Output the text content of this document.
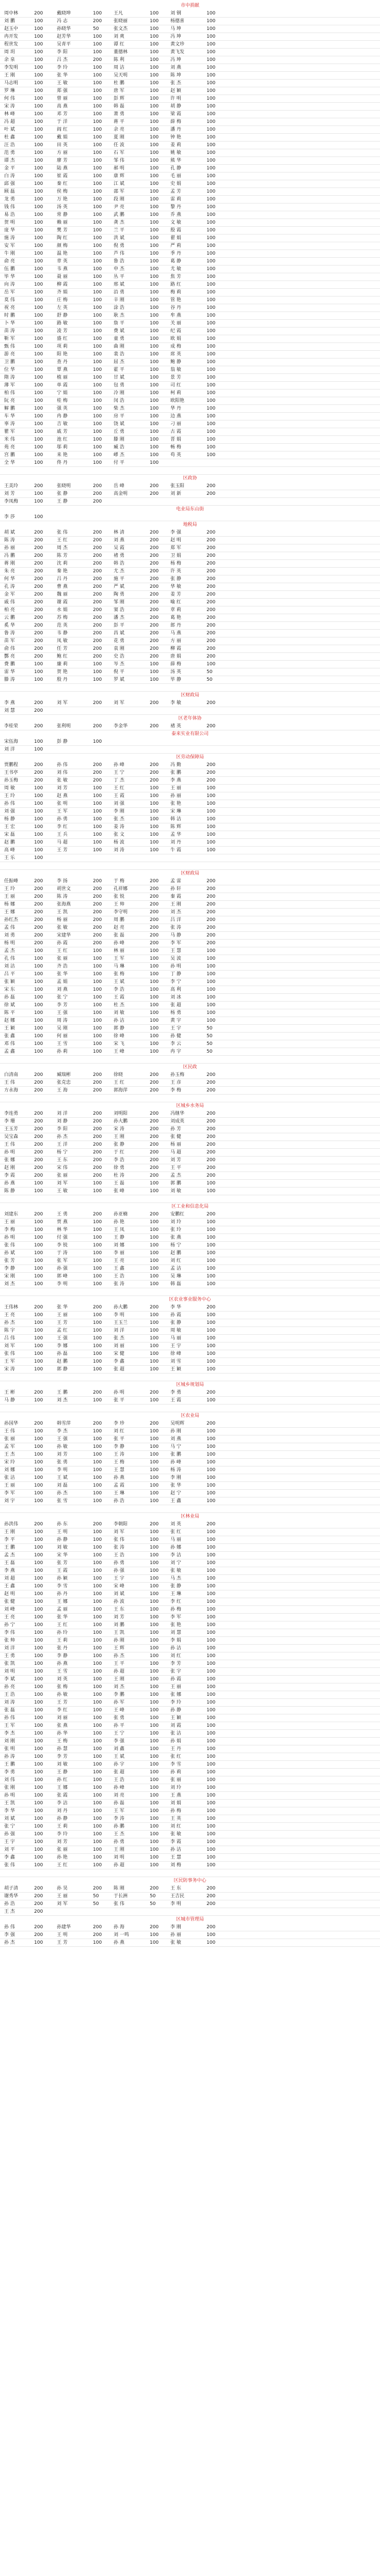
市中捐献
周中林	200	戴晓坤	100	王凡	100	刘 钢	100
刘 鹏	100	冯 志	200	张晓丽	100	杨德喜	100
赵玉中	100	孙晓华	50	张文杰	100	马 坤	100
冉开发	100	赵芳华	100	刘 爽	100	冯 坤	100
程世发	100	吴青平	100	谭 红	100	黄文珍	100
周 玥	100	李 阳	100	董德林	100	黄飞发	100
余 泉	100	吕 杰	200	陈 利	100	冯 坤	100
李发明	100	李 玲	100	周 洁	100	刘 燕	100
王 刚	100	张 华	100	吴天明	100	陈 坤	100
马志明	100	王 敏	100	杜 鹏	100	张 杰	100
罗 琳	100	郑 强	100	唐 军	100	赵 颖	100
何 伟	100	曾 丽	100	彭 辉	100	许 明	100
宋 涛	100	高 燕	100	韩 磊	100	胡 静	100
林 峰	100	邓 芳	100	萧 勇	100	梁 霞	100
冯 超	100	于 洋	100	蒋 平	100	薛 梅	100
叶 斌	100	阎 红	100	余 亮	100	潘 丹	100
杜 鑫	100	戴 娟	100	夏 刚	100	钟 艳	100
汪 浩	100	田 英	100	任 波	100	姜 莉	100
范 勇	100	方 丽	100	石 军	100	姚 敏	100
谭 杰	100	廖 芳	100	邹 伟	100	熊 华	100
金 平	100	陆 燕	100	郝 明	100	孔 静	100
白 涛	100	崔 霞	100	康 辉	100	毛 丽	100
邱 强	100	秦 红	100	江 斌	100	史 娟	100
顾 磊	100	侯 梅	100	邵 军	100	孟 芳	100
龙 勇	100	万 艳	100	段 刚	100	雷 莉	100
钱 伟	100	汤 英	100	尹 亮	100	黎 丹	100
易 浩	100	常 静	100	武 鹏	100	乔 燕	100
贺 明	100	赖 丽	100	龚 杰	100	文 敏	100
庞 华	100	樊 芳	100	兰 平	100	殷 霞	100
施 涛	100	陶 红	100	洪 斌	100	翟 娟	100
安 军	100	颜 梅	100	倪 勇	100	严 莉	100
牛 刚	100	温 艳	100	芦 伟	100	季 丹	100
俞 亮	100	章 英	100	鲁 浩	100	葛 静	100
伍 鹏	100	韦 燕	100	申 杰	100	尤 敏	100
毕 华	100	聂 丽	100	丛 平	100	焦 芳	100
向 涛	100	柳 霞	100	邢 斌	100	路 红	100
岳 军	100	齐 娟	100	沿 勇	100	梅 莉	100
莫 伟	100	庄 梅	100	辛 刚	100	管 艳	100
祝 亮	100	左 英	100	涂 浩	100	谷 丹	100
时 鹏	100	舒 静	100	耿 杰	100	牟 燕	100
卜 华	100	路 敏	100	詹 平	100	关 丽	100
苗 涛	100	凌 芳	100	费 斌	100	纪 霞	100
靳 军	100	盛 红	100	童 勇	100	欧 娟	100
甄 伟	100	项 莉	100	曲 刚	100	成 梅	100
游 亮	100	阳 艳	100	裴 浩	100	席 英	100
卫 鹏	100	查 丹	100	屈 杰	100	鲍 静	100
位 华	100	覃 燕	100	霍 平	100	翁 敏	100
隋 涛	100	植 丽	100	甘 斌	100	景 芳	100
薄 军	100	单 霞	100	包 勇	100	司 红	100
柏 伟	100	宁 娟	100	冷 刚	100	柯 莉	100
阮 亮	100	桂 梅	100	闵 浩	100	欧阳艳	100
解 鹏	100	强 英	100	柴 杰	100	华 丹	100
车 华	100	冉 静	100	房 平	100	边 燕	100
辜 涛	100	吉 敏	100	饶 斌	100	刁 丽	100
瞿 军	100	戚 芳	100	丘 勇	100	古 霞	100
米 伟	100	池 红	100	滕 刚	100	晋 娟	100
苑 亮	100	邬 莉	100	臧 浩	100	畅 梅	100
宫 鹏	100	来 艳	100	嵺 杰	100	苟 英	100
全 华	100	佟 丹	100	付 平	100
区政协
王美玲	200	张晓明	200	岳 峰	200	张玉阳	200
刘 芳	100	张 静	200	高金明	200	刘 新	200
李凤梅	100	王 静	200
电业局东山街
李 莎	100
地税局
胡 斌	200	张 伟	200	林 清	200	李 强	200
陈 涛	200	王 红	200	刘 燕	200	赵 明	200
孙 丽	200	周 杰	200	吴 霞	200	郑 军	200
冯 鹏	200	陈 芳	200	褚 勇	200	卫 娟	200
蒋 刚	200	沈 莉	200	韩 浩	200	杨 梅	200
朱 亮	200	秦 艳	200	尤 杰	200	许 英	200
何 华	200	吕 丹	200	施 平	200	张 静	200
孔 涛	200	曹 燕	200	严 斌	200	华 敏	200
金 军	200	魏 丽	200	陶 勇	200	姜 芳	200
戚 伟	200	谢 霞	200	邹 刚	200	喻 红	200
柏 亮	200	水 娟	200	窦 浩	200	章 莉	200
云 鹏	200	苏 梅	200	潘 杰	200	葛 艳	200
奚 华	200	范 英	200	彭 平	200	郎 丹	200
鲁 涛	200	韦 静	200	昌 斌	200	马 燕	200
苗 军	200	凤 敏	200	花 勇	200	方 丽	200
俞 伟	200	任 芳	200	袁 刚	200	柳 霞	200
酆 亮	200	鲍 红	200	史 浩	200	唐 娟	200
费 鹏	100	廉 莉	100	岑 杰	100	薛 梅	100
雷 华	100	贺 艳	100	倪 平	100	汤 英	50
滕 涛	100	殷 丹	100	罗 斌	100	毕 静	50
区财政局
李 燕	200	刘 军	200	刘 军	200	李 敏	200
刘 慧	200
区老年体协
李桂荣	200	张利明	200	李金华	200	褚 英	200
泰来实业有限公司
宋伍海	100	彭 静	100
刘 洋	100
区劳动保障局
贾鹏程	200	孙 伟	200	孙 峰	200	冯 勤	200
王书亭	200	刘 伟	200	王 宁	200	张 鹏	200
孙玉梅	200	张 敏	200	丁 杰	200	李 燕	200
周 敏	100	刘 芳	100	王 红	100	王 丽	100
王 玲	100	赵 燕	100	王 霞	100	孙 丽	100
孙 伟	100	张 明	100	刘 强	100	张 艳	100
刘 强	100	王 军	100	李 刚	100	宋 琳	100
杨 静	100	孙 勇	100	张 杰	100	韩 洁	100
王 宏	100	李 红	100	姜 涛	100	陈 辉	100
宋 磊	100	王 兵	100	张 文	100	孟 华	100
赵 鹏	100	马 超	100	杨 波	100	刘 丹	100
高 峰	100	王 芳	100	刘 涛	100	牛 霞	100
王 乐	100
区财政局
任振峰	200	李 扬	200	于 梅	200	孟 雷	200
王 玲	200	胡世文	200	孔祥娜	200	孙 轩	200
王 丽	200	陈 涛	200	张 锐	200	秦 霞	200
杨 娜	200	张海燕	200	王 帅	200	王 刚	200
王 娜	200	王 凯	200	李守明	200	刘 杰	200
孙红杰	200	杨 丽	200	周 鹏	200	吕 洋	200
孟 伟	200	张 敏	200	赵 亮	200	张 涛	200
刘 勇	200	宋建华	200	张 磊	200	马 静	200
杨 明	200	孙 霞	200	孙 峰	200	李 军	200
孟 杰	100	王 红	100	林 丽	100	王 慧	100
孔 伟	100	张 丽	100	王 军	100	吴 波	100
刘 洁	100	齐 浩	100	马 琳	100	孙 明	100
吕 平	100	张 华	100	张 梅	100	丁 静	100
张 颖	100	孟 娟	100	王 斌	100	李 宁	100
宋 东	100	刘 燕	100	李 浩	100	高 利	100
孙 磊	100	张 宁	100	王 霞	100	刘 冰	100
徐 斌	100	李 芳	100	杜 杰	100	张 超	100
陈 平	100	王 强	100	刘 敏	100	杨 勇	100
赵 娜	100	周 涛	100	孙 洁	100	黄 宇	100
王 颖	100	吴 刚	100	郭 静	100	王 宇	50
张 鑫	100	何 丽	100	徐 峰	100	孙 健	50
邓 伟	100	王 雪	100	宋 飞	100	李 云	50
孟 鑫	100	孙 莉	100	王 峰	100	冉 宇	50
区民政
白清南	200	臧瑞彬	200	徐晓	200	孙玉梅	200
王 伟	200	张克忠	200	王 红	200	王 彦	200
方永海	200	王 海	200	郭海萍	200	李 梅	200
区城乡水务局
李连勇	200	刘 洋	200	刘明阳	200	冯继华	200
李 珊	200	刘 静	200	孙大鹏	200	刘成英	200
王玉芳	200	李 阳	200	宋 涛	200	孙 芳	200
吴宝森	200	孙 杰	200	王 刚	200	张 健	200
王 伟	200	王 洋	200	张 静	200	杨 丽	200
孙 明	200	杨 宁	200	于 红	200	马 超	200
张 娜	200	王 东	200	李 浩	200	刘 芳	200
赵 刚	200	宋 伟	200	徐 勇	200	王 平	200
李 霞	200	张 丽	200	杜 涛	200	孟 杰	200
孙 燕	100	刘 军	100	王 磊	100	郭 鹏	100
陈 静	100	王 敏	100	张 峰	100	刘 敏	100
区工业和信息化局
刘建东	200	王 勇	200	孙亚楠	200	安鹏红	200
王 丽	100	贾 燕	100	孙 艳	100	刘 玲	100
李 梅	100	林 华	100	王 凤	100	张 玲	100
孙 明	100	付 强	100	王 静	100	张 燕	100
张 伟	100	李 锐	100	刘 娜	100	杨 宁	100
孙 斌	100	于 涛	100	李 丽	100	赵 鹏	100
张 芳	100	张 军	100	王 亮	100	刘 红	100
李 静	100	孙 强	100	王 鑫	100	孟 洁	100
宋 刚	100	郭 峰	100	王 浩	100	吴 琳	100
刘 杰	100	李 明	100	张 涛	100	韩 磊	100
区农业事业服务中心
王伟林	200	张 华	200	孙大鹏	200	李 华	200
王 亮	100	王 丽	100	李 明	100	孙 霞	100
孙 杰	100	王 芳	100	王玉兰	100	张 静	100
陈 宇	100	孟 红	100	刘 洋	100	周 敏	100
吕 伟	100	王 强	100	张 杰	100	马 丽	100
刘 军	100	李 娜	100	刘 丽	100	王 宇	100
张 伟	100	孙 磊	100	宋 健	100	徐 峰	100
王 军	100	赵 鹏	100	李 鑫	100	刘 雪	100
宋 涛	100	郭 静	100	张 超	100	王 颖	100
区城乡规划局
王 彬	200	王 鹏	200	孙 明	200	李 勇	200
马 静	100	刘 杰	100	张 平	100	王 霞	100
区农业局
孙国华	200	韩雪萍	200	李 珍	200	吴明辉	200
王 伟	100	李 杰	100	刘 红	100	孙 刚	100
张 丽	100	王 强	100	张 平	100	刘 燕	100
孟 军	100	孙 敏	100	李 静	100	马 宁	100
王 杰	100	刘 芳	100	王 涛	100	张 鹏	100
宋 玲	100	张 勇	100	王 梅	100	孙 峰	100
刘 娜	100	李 明	100	王 慧	100	杨 涛	100
张 洁	100	王 斌	100	孙 燕	100	李 刚	100
王 丽	100	刘 磊	100	孟 霞	100	张 华	100
李 军	100	孙 杰	100	王 琳	100	赵 宁	100
刘 宇	100	张 雪	100	孙 浩	100	王 鑫	100
区林业局
孙洪伟	200	孙 东	200	李朝阳	200	刘 英	200
王 刚	100	王 明	100	刘 军	100	张 红	100
李 平	100	孙 静	100	张 伟	100	马 丽	100
王 鹏	100	刘 敏	100	张 涛	100	孙 娜	100
孟 杰	100	宋 华	100	王 浩	100	李 洁	100
王 磊	100	张 芳	100	孙 勇	100	刘 宁	100
李 燕	100	王 霞	100	孙 强	100	张 敏	100
刘 超	100	孙 颖	100	王 宇	100	马 杰	100
王 鑫	100	李 雪	100	宋 峰	100	张 静	100
赵 明	100	孙 丹	100	刘 斌	100	王 琳	100
张 健	100	王 娜	100	孙 波	100	李 红	100
刘 峰	100	孟 丽	100	王 东	100	孙 梅	100
王 亮	100	张 华	100	刘 芳	100	李 军	100
孙 宁	100	王 红	100	刘 鹏	100	张 艳	100
李 伟	100	孙 玲	100	王 凯	100	刘 慧	100
张 帅	100	王 莉	100	孙 刚	100	李 娟	100
刘 洋	100	张 丹	100	王 辉	100	孙 洁	100
王 勇	100	李 静	100	孙 杰	100	刘 红	100
张 凯	100	孙 燕	100	王 平	100	李 芳	100
刘 明	100	王 雪	100	孙 超	100	张 宇	100
李 斌	100	刘 英	100	王 刚	100	孙 霞	100
孙 亮	100	张 梅	100	刘 杰	100	王 丽	100
王 浩	100	孙 敏	100	李 鹏	100	张 娜	100
刘 涛	100	王 芳	100	孙 军	100	李 玲	100
张 磊	100	李 红	100	王 峰	100	孙 静	100
孙 伟	100	刘 丽	100	张 勇	100	王 颖	100
王 军	100	张 燕	100	孙 平	100	刘 霞	100
李 杰	100	孙 华	100	王 宁	100	张 洁	100
刘 刚	100	王 梅	100	李 强	100	孙 娟	100
张 明	100	孙 慧	100	刘 鑫	100	王 丹	100
孙 涛	100	李 芳	100	王 斌	100	张 红	100
王 鹏	100	刘 敏	100	孙 宇	100	李 雪	100
李 勇	100	王 静	100	张 超	100	孙 莉	100
刘 伟	100	孙 红	100	王 浩	100	张 丽	100
张 刚	100	王 娜	100	孙 峰	100	刘 玲	100
孙 明	100	张 霞	100	刘 亮	100	王 燕	100
王 凯	100	李 洁	100	孙 磊	100	刘 娟	100
李 华	100	刘 丹	100	王 军	100	孙 梅	100
刘 斌	100	孙 静	100	李 涛	100	王 英	100
张 宁	100	王 莉	100	孙 鹏	100	刘 红	100
孙 强	100	李 玲	100	王 杰	100	张 敏	100
王 宇	100	刘 芳	100	孙 勇	100	李 霞	100
刘 平	100	张 丽	100	王 刚	100	孙 洁	100
李 鑫	100	孙 艳	100	刘 明	100	王 慧	100
张 伟	100	王 红	100	孙 超	100	刘 梅	100
区民防事务中心
胡子清	200	孙 昊	200	陈 刚	200	王 东	200
谢秀华	200	王 丽	50	于长洲	50	王吉民	200
孙 浩	200	刘 军	50	张 伟	50	李 明	200
王 杰	200
区城市管理局
孙 伟	200	孙建华	200	孙 海	200	李 刚	200
李 强	200	王 明	200	刘 一鸣	100	孙 丽	100
孙 杰	100	王 芳	100	孙 燕	100	张 敏	100
